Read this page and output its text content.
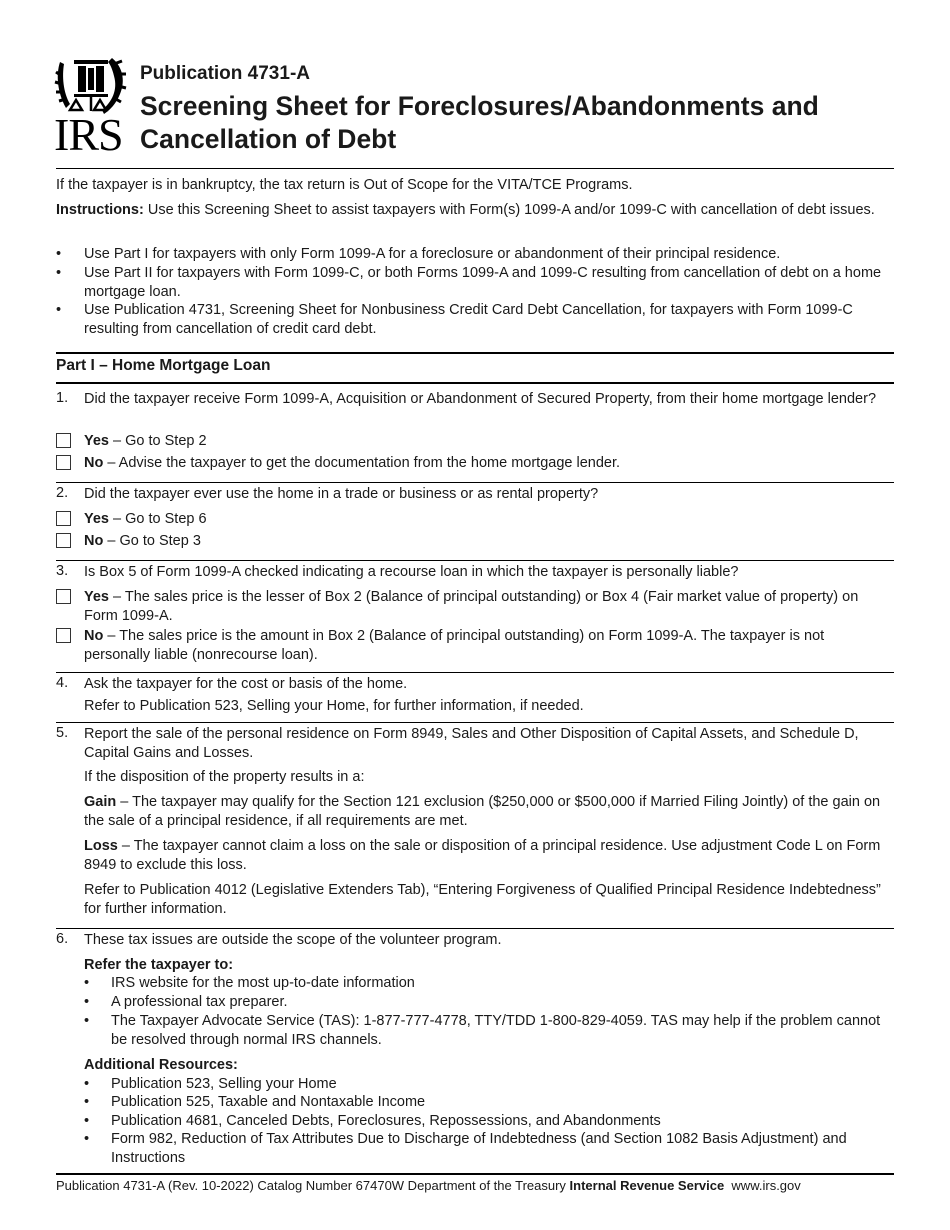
IRS
Publication 4731-A
Screening Sheet for Foreclosures/Abandonments and Cancellation of Debt
If the taxpayer is in bankruptcy, the tax return is Out of Scope for the VITA/TCE Programs.
Instructions: Use this Screening Sheet to assist taxpayers with Form(s) 1099-A and/or 1099-C with cancellation of debt issues.
• Use Part I for taxpayers with only Form 1099-A for a foreclosure or abandonment of their principal residence.
• Use Part II for taxpayers with Form 1099-C, or both Forms 1099-A and 1099-C resulting from cancellation of debt on a home mortgage loan.
• Use Publication 4731, Screening Sheet for Nonbusiness Credit Card Debt Cancellation, for taxpayers with Form 1099-C resulting from cancellation of credit card debt.
Part I – Home Mortgage Loan
1. Did the taxpayer receive Form 1099-A, Acquisition or Abandonment of Secured Property, from their home mortgage lender?
Yes – Go to Step 2
No – Advise the taxpayer to get the documentation from the home mortgage lender.
2. Did the taxpayer ever use the home in a trade or business or as rental property?
Yes – Go to Step 6
No – Go to Step 3
3. Is Box 5 of Form 1099-A checked indicating a recourse loan in which the taxpayer is personally liable?
Yes – The sales price is the lesser of Box 2 (Balance of principal outstanding) or Box 4 (Fair market value of property) on Form 1099-A.
No – The sales price is the amount in Box 2 (Balance of principal outstanding) on Form 1099-A. The taxpayer is not personally liable (nonrecourse loan).
4. Ask the taxpayer for the cost or basis of the home.
Refer to Publication 523, Selling your Home, for further information, if needed.
5. Report the sale of the personal residence on Form 8949, Sales and Other Disposition of Capital Assets, and Schedule D, Capital Gains and Losses.
If the disposition of the property results in a:
Gain – The taxpayer may qualify for the Section 121 exclusion ($250,000 or $500,000 if Married Filing Jointly) of the gain on the sale of a principal residence, if all requirements are met.
Loss – The taxpayer cannot claim a loss on the sale or disposition of a principal residence. Use adjustment Code L on Form 8949 to exclude this loss.
Refer to Publication 4012 (Legislative Extenders Tab), “Entering Forgiveness of Qualified Principal Residence Indebtedness” for further information.
6. These tax issues are outside the scope of the volunteer program.
Refer the taxpayer to:
• IRS website for the most up-to-date information
• A professional tax preparer.
• The Taxpayer Advocate Service (TAS): 1-877-777-4778, TTY/TDD 1-800-829-4059. TAS may help if the problem cannot be resolved through normal IRS channels.
Additional Resources:
• Publication 523, Selling your Home
• Publication 525, Taxable and Nontaxable Income
• Publication 4681, Canceled Debts, Foreclosures, Repossessions, and Abandonments
• Form 982, Reduction of Tax Attributes Due to Discharge of Indebtedness (and Section 1082 Basis Adjustment) and Instructions
Publication 4731-A (Rev. 10-2022) Catalog Number 67470W Department of the Treasury Internal Revenue Service www.irs.gov
